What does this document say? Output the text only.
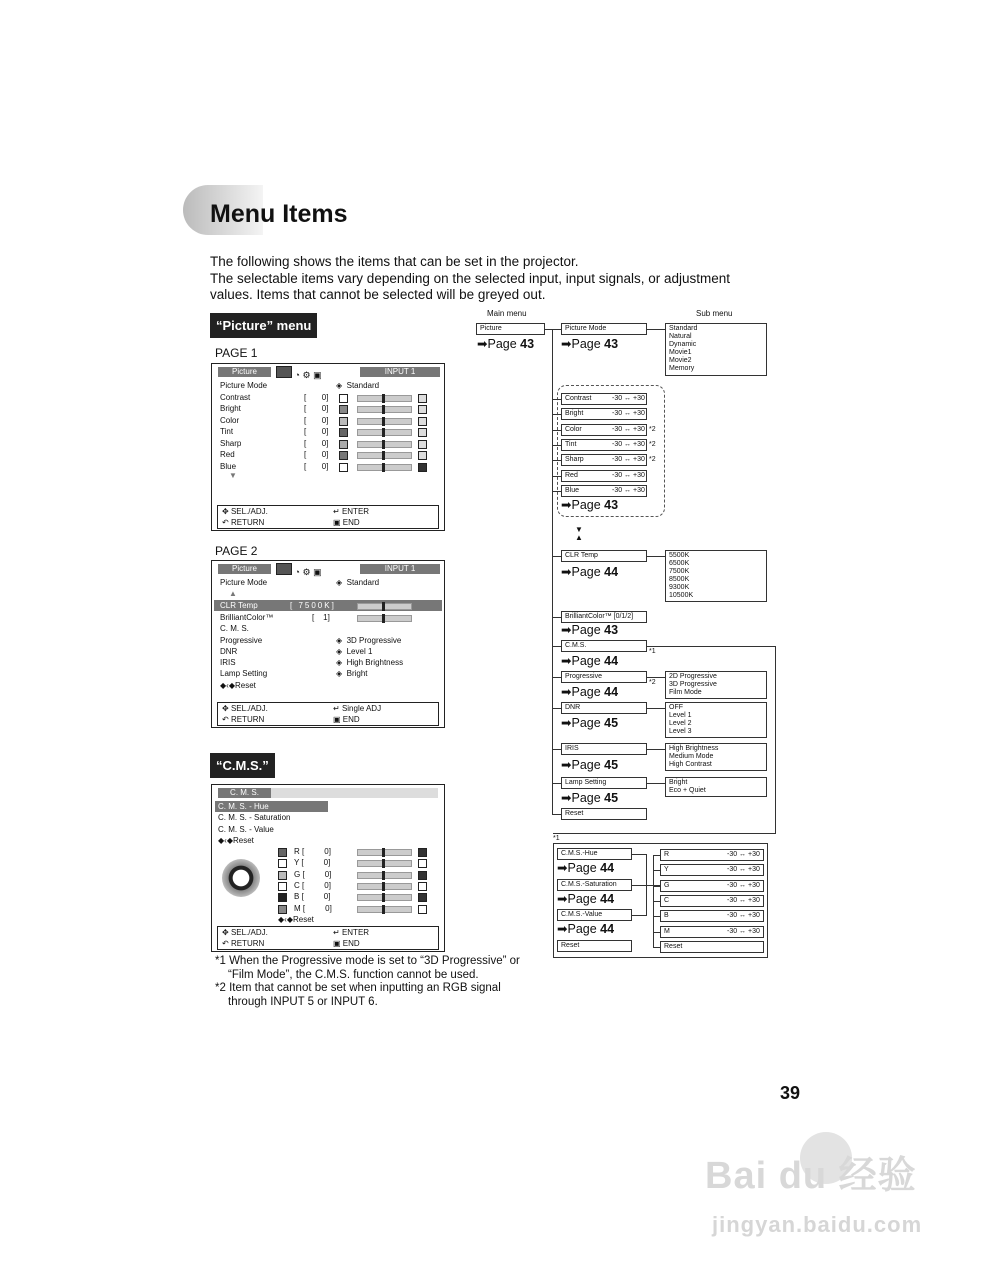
Menu Items
The following shows the items that can be set in the projector.
The selectable items vary depending on the selected input, input signals, or adjustment
values. Items that cannot be selected will be greyed out.
“Picture” menu
PAGE 1
Picture	◔ ⚙ ▣	INPUT 1
Picture Mode	◈  Standard
▼
✥ SEL./ADJ.	↵ ENTER
↶ RETURN	▣ END
Contrast	[       0]
Bright	[       0]
Color	[       0]
Tint	[       0]
Sharp	[       0]
Red	[       0]
Blue	[       0]
PAGE 2
Picture	◔ ⚙ ▣	INPUT 1
Picture Mode	◈  Standard
▲
CLR Temp	[ 7500K]
BrilliantColor™	[    1]
C. M. S.
Progressive	◈  3D Progressive
DNR	◈  Level 1
IRIS	◈  High Brightness
Lamp Setting	◈  Bright
◆‹◆Reset
✥ SEL./ADJ.	↵ Single ADJ
↶ RETURN	▣ END
“C.M.S.”
C. M. S.
C. M. S. - Hue
C. M. S. - Saturation
C. M. S. - Value
◆‹◆Reset
◆‹◆Reset
✥ SEL./ADJ.	↵ ENTER
↶ RETURN	▣ END
R [         0]
Y [         0]
G [         0]
C [         0]
B [         0]
M [         0]
*1 When the Progressive mode is set to “3D Progressive” or
“Film Mode”, the C.M.S. function cannot be used.
*2 Item that cannot be set when inputting an RGB signal
through INPUT 5 or INPUT 6.
Main menu	Sub menu
Picture
➡Page 43
Picture Mode
➡Page 43
Standard
Natural
Dynamic
Movie1
Movie2
Memory
Contrast	-30 ↔ +30
Bright	-30 ↔ +30
Color	-30 ↔ +30 *2
Tint	-30 ↔ +30 *2
Sharp	-30 ↔ +30 *2
Red	-30 ↔ +30
Blue	-30 ↔ +30
➡Page 43
▼
▲
CLR Temp
➡Page 44
5500K
6500K
7500K
8500K
9300K
10500K
BrilliantColor™ [0/1/2]
➡Page 43
C.M.S.
*1
➡Page 44
Progressive
*2
➡Page 44
2D Progressive
3D Progressive
Film Mode
DNR
➡Page 45
OFF
Level 1
Level 2
Level 3
IRIS
➡Page 45
High Brightness
Medium Mode
High Contrast
Lamp Setting
➡Page 45
Bright
Eco + Quiet
Reset
*1
C.M.S.-Hue
➡Page 44
C.M.S.-Saturation
➡Page 44
C.M.S.-Value
➡Page 44
Reset
R	-30 ↔ +30
Y	-30 ↔ +30
G	-30 ↔ +30
C	-30 ↔ +30
B	-30 ↔ +30
M	-30 ↔ +30
Reset
39
Bai du 经验
jingyan.baidu.com
